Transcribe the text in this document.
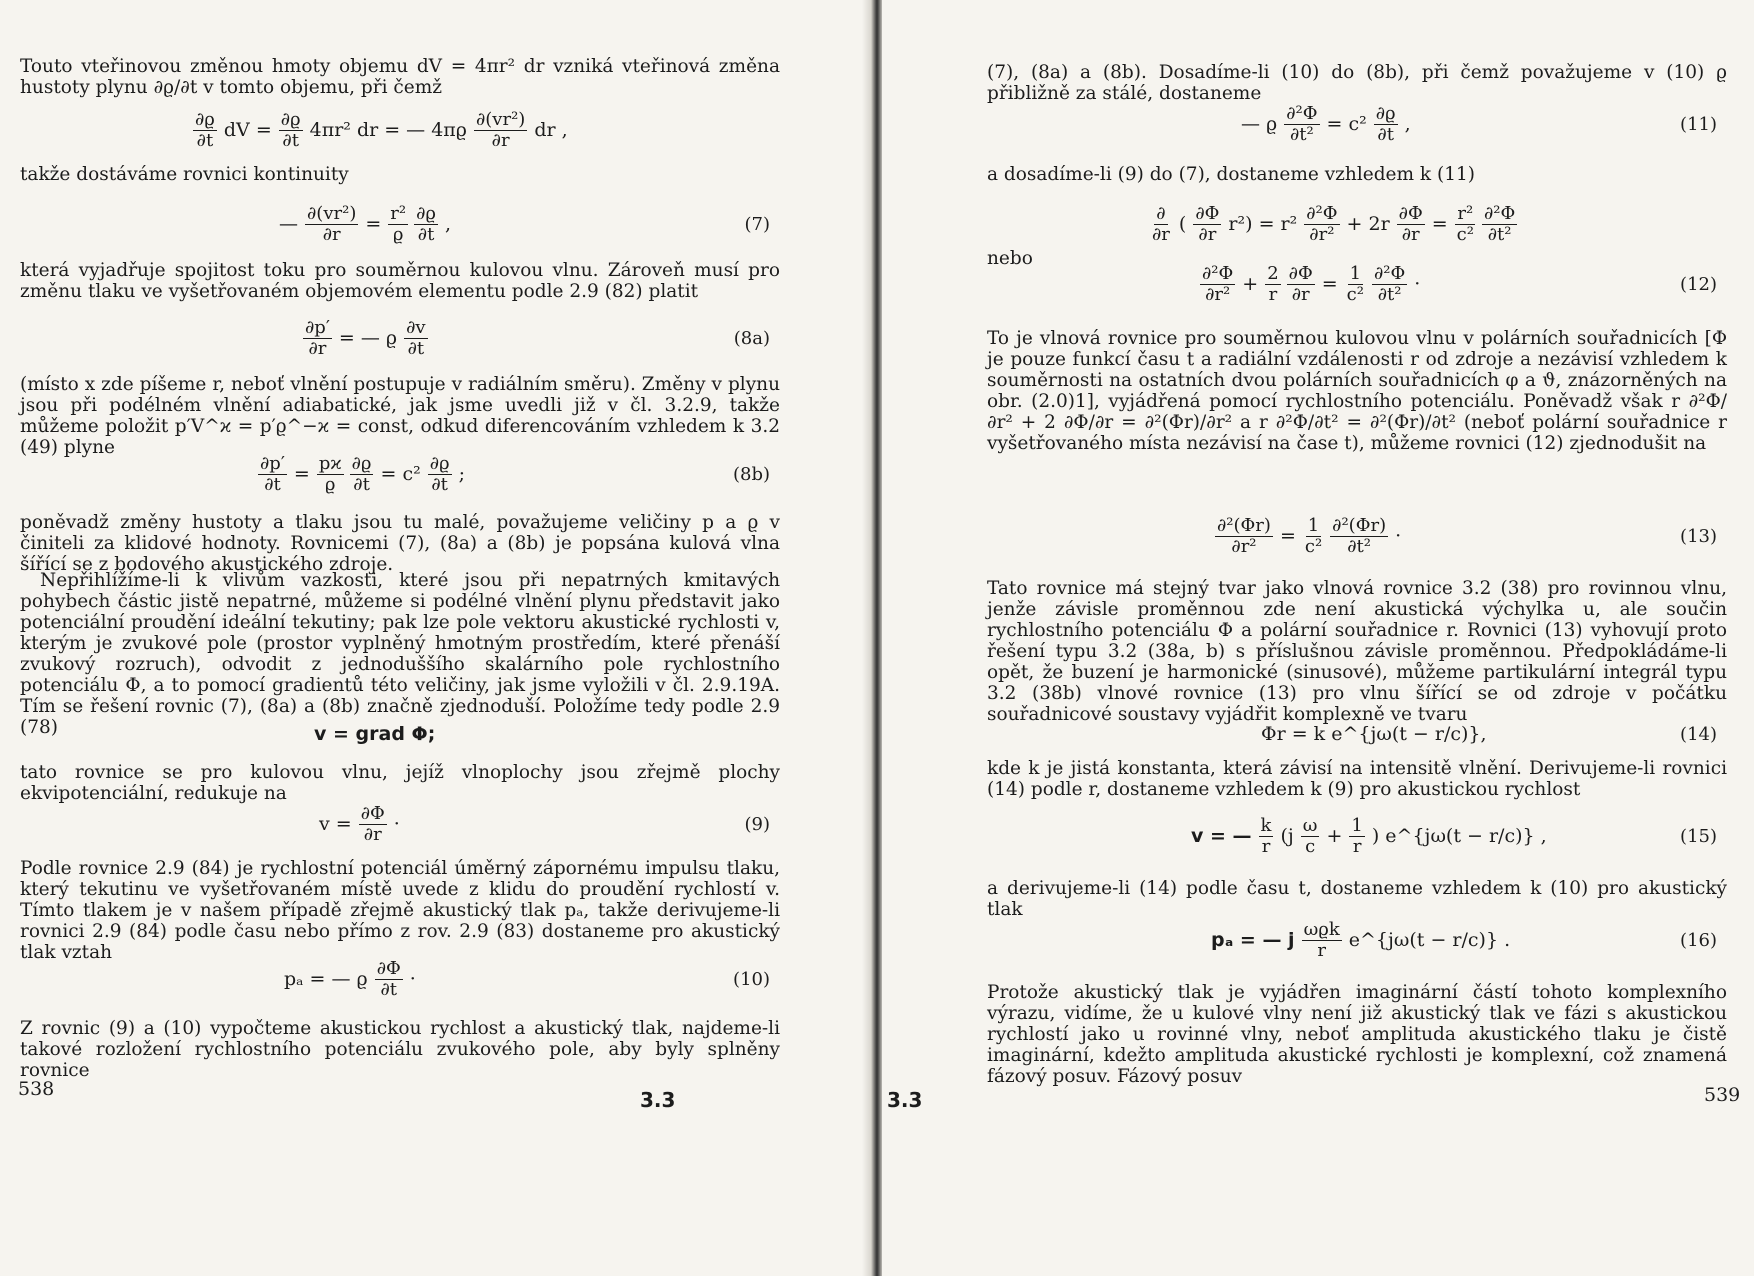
Touto vteřinovou změnou hmoty objemu dV = 4πr² dr vzniká vteřinová změna hustoty plynu ∂ϱ/∂t v tomto objemu, při čemž

$\frac{\partial ϱ}{\partial t}$ dV = $\frac{\partial ϱ}{\partial t} 4\pi r^2$ dr = — $4\pi ϱ \frac{\text{∂(vr²)}}{\partial r}$ dr ,

takže dostáváme rovnici kontinuity

— $\frac{\text{∂(vr²)}}{\partial r} = \frac{\text{r²}}{ϱ} \frac{\partial ϱ}{\partial t}$ ,	(7)

která vyjadřuje spojitost toku pro souměrnou kulovou vlnu. Zároveň musí pro změnu tlaku ve vyšetřovaném objemovém elementu podle 2.9 (82) platit

$\frac{\partial p'}{\partial r}$ = — ϱ $\frac{\partial v}{\partial t}$	(8a)

(místo x zde píšeme r, neboť vlnění postupuje v radiálním směru). Změny v plynu jsou při podélném vlnění adiabatické, jak jsme uvedli již v čl. 3.2.9, takže můžeme položit p′V^ϰ = p′ϱ^−ϰ = const, odkud diferencováním vzhledem k 3.2 (49) plyne

$\frac{\partial p'}{\partial t} = \frac{pϰ}{ϱ} \frac{\partial ϱ}{\partial t} = c^2 \frac{\partial ϱ}{\partial t}$ ;	(8b)

poněvadž změny hustoty a tlaku jsou tu malé, považujeme veličiny p a ϱ v činiteli za klidové hodnoty. Rovnicemi (7), (8a) a (8b) je popsána kulová vlna šířící se z bodového akustického zdroje.

Nepřihlížíme-li k vlivům vazkosti, které jsou při nepatrných kmitavých pohybech částic jistě nepatrné, můžeme si podélné vlnění plynu představit jako potenciální proudění ideální tekutiny; pak lze pole vektoru akustické rychlosti v, kterým je zvukové pole (prostor vyplněný hmotným prostředím, které přenáší zvukový rozruch), odvodit z jednoduššího skalárního pole rychlostního potenciálu Φ, a to pomocí gradientů této veličiny, jak jsme vyložili v čl. 2.9.19A. Tím se řešení rovnic (7), (8a) a (8b) značně zjednoduší. Položíme tedy podle 2.9 (78)	v = grad Φ;

tato rovnice se pro kulovou vlnu, jejíž vlnoplochy jsou zřejmě plochy ekvipotenciální, redukuje na

$v = \frac{\partial\Phi}{\partial r}$ ·	(9)

Podle rovnice 2.9 (84) je rychlostní potenciál úměrný zápornému impulsu tlaku, který tekutinu ve vyšetřovaném místě uvede z klidu do proudění rychlostí v. Tímto tlakem je v našem případě zřejmě akustický tlak pₐ, takže derivujeme-li rovnici 2.9 (84) podle času nebo přímo z rov. 2.9 (83) dostaneme pro akustický tlak vztah

pₐ = — ϱ $\frac{\partial\Phi}{\partial t}$ ·	(10)

Z rovnic (9) a (10) vypočteme akustickou rychlost a akustický tlak, najdeme-li takové rozložení rychlostního potenciálu zvukového pole, aby byly splněny rovnice

538	3.3

(7), (8a) a (8b). Dosadíme-li (10) do (8b), při čemž považujeme v (10) ϱ přibližně za stálé, dostaneme

— ϱ $\frac{\text{∂²Φ}}{\text{∂t²}} = c^2 \frac{\partial ϱ}{\partial t}$ ,	(11)

a dosadíme-li (9) do (7), dostaneme vzhledem k (11)

$\frac{\partial}{\partial r}$ ( $\frac{\partial\Phi}{\partial r} r^2) = r^2 \frac{\text{∂²Φ}}{\text{∂r²}} + 2r \frac{\partial\Phi}{\partial r} = \frac{\text{r²}}{\text{c²}} \frac{\text{∂²Φ}}{\text{∂t²}}$

nebo

$\frac{\text{∂²Φ}}{\text{∂r²}} + \frac{2}{r} \frac{\partial\Phi}{\partial r} = \frac{1}{\text{c²}} \frac{\text{∂²Φ}}{\text{∂t²}}$ ·	(12)

To je vlnová rovnice pro souměrnou kulovou vlnu v polárních souřadnicích [Φ je pouze funkcí času t a radiální vzdálenosti r od zdroje a nezávisí vzhledem k souměrnosti na ostatních dvou polárních souřadnicích φ a ϑ, znázorněných na obr. (2.0)1], vyjádřená pomocí rychlostního potenciálu. Poněvadž však r ∂²Φ/∂r² + 2 ∂Φ/∂r = ∂²(Φr)/∂r² a r ∂²Φ/∂t² = ∂²(Φr)/∂t² (neboť polární souřadnice r vyšetřovaného místa nezávisí na čase t), můžeme rovnici (12) zjednodušit na

$\frac{\text{∂²(Φr)}}{\text{∂r²}} = \frac{1}{\text{c²}} \frac{\text{∂²(Φr)}}{\text{∂t²}}$ ·	(13)

Tato rovnice má stejný tvar jako vlnová rovnice 3.2 (38) pro rovinnou vlnu, jenže závisle proměnnou zde není akustická výchylka u, ale součin rychlostního potenciálu Φ a polární souřadnice r. Rovnici (13) vyhovují proto řešení typu 3.2 (38a, b) s příslušnou závisle proměnnou. Předpokládáme-li opět, že buzení je harmonické (sinusové), můžeme partikulární integrál typu 3.2 (38b) vlnové rovnice (13) pro vlnu šířící se od zdroje v počátku souřadnicové soustavy vyjádřit komplexně ve tvaru

Φr = k e^{jω(t − r/c)},	(14)

kde k je jistá konstanta, která závisí na intensitě vlnění. Derivujeme-li rovnici (14) podle r, dostaneme vzhledem k (9) pro akustickou rychlost

v = — $\frac{k}{r} (j \frac{\omega}{c} + \frac{1}{r}$ ) e^{jω(t − r/c)} ,	(15)

a derivujeme-li (14) podle času t, dostaneme vzhledem k (10) pro akustický tlak

pₐ = — j $\frac{\text{ωϱk}}{r}$ e^{jω(t − r/c)} .	(16)

Protože akustický tlak je vyjádřen imaginární částí tohoto komplexního výrazu, vidíme, že u kulové vlny není již akustický tlak ve fázi s akustickou rychlostí jako u rovinné vlny, neboť amplituda akustického tlaku je čistě imaginární, kdežto amplituda akustické rychlosti je komplexní, což znamená fázový posuv. Fázový posuv

3.3	539
